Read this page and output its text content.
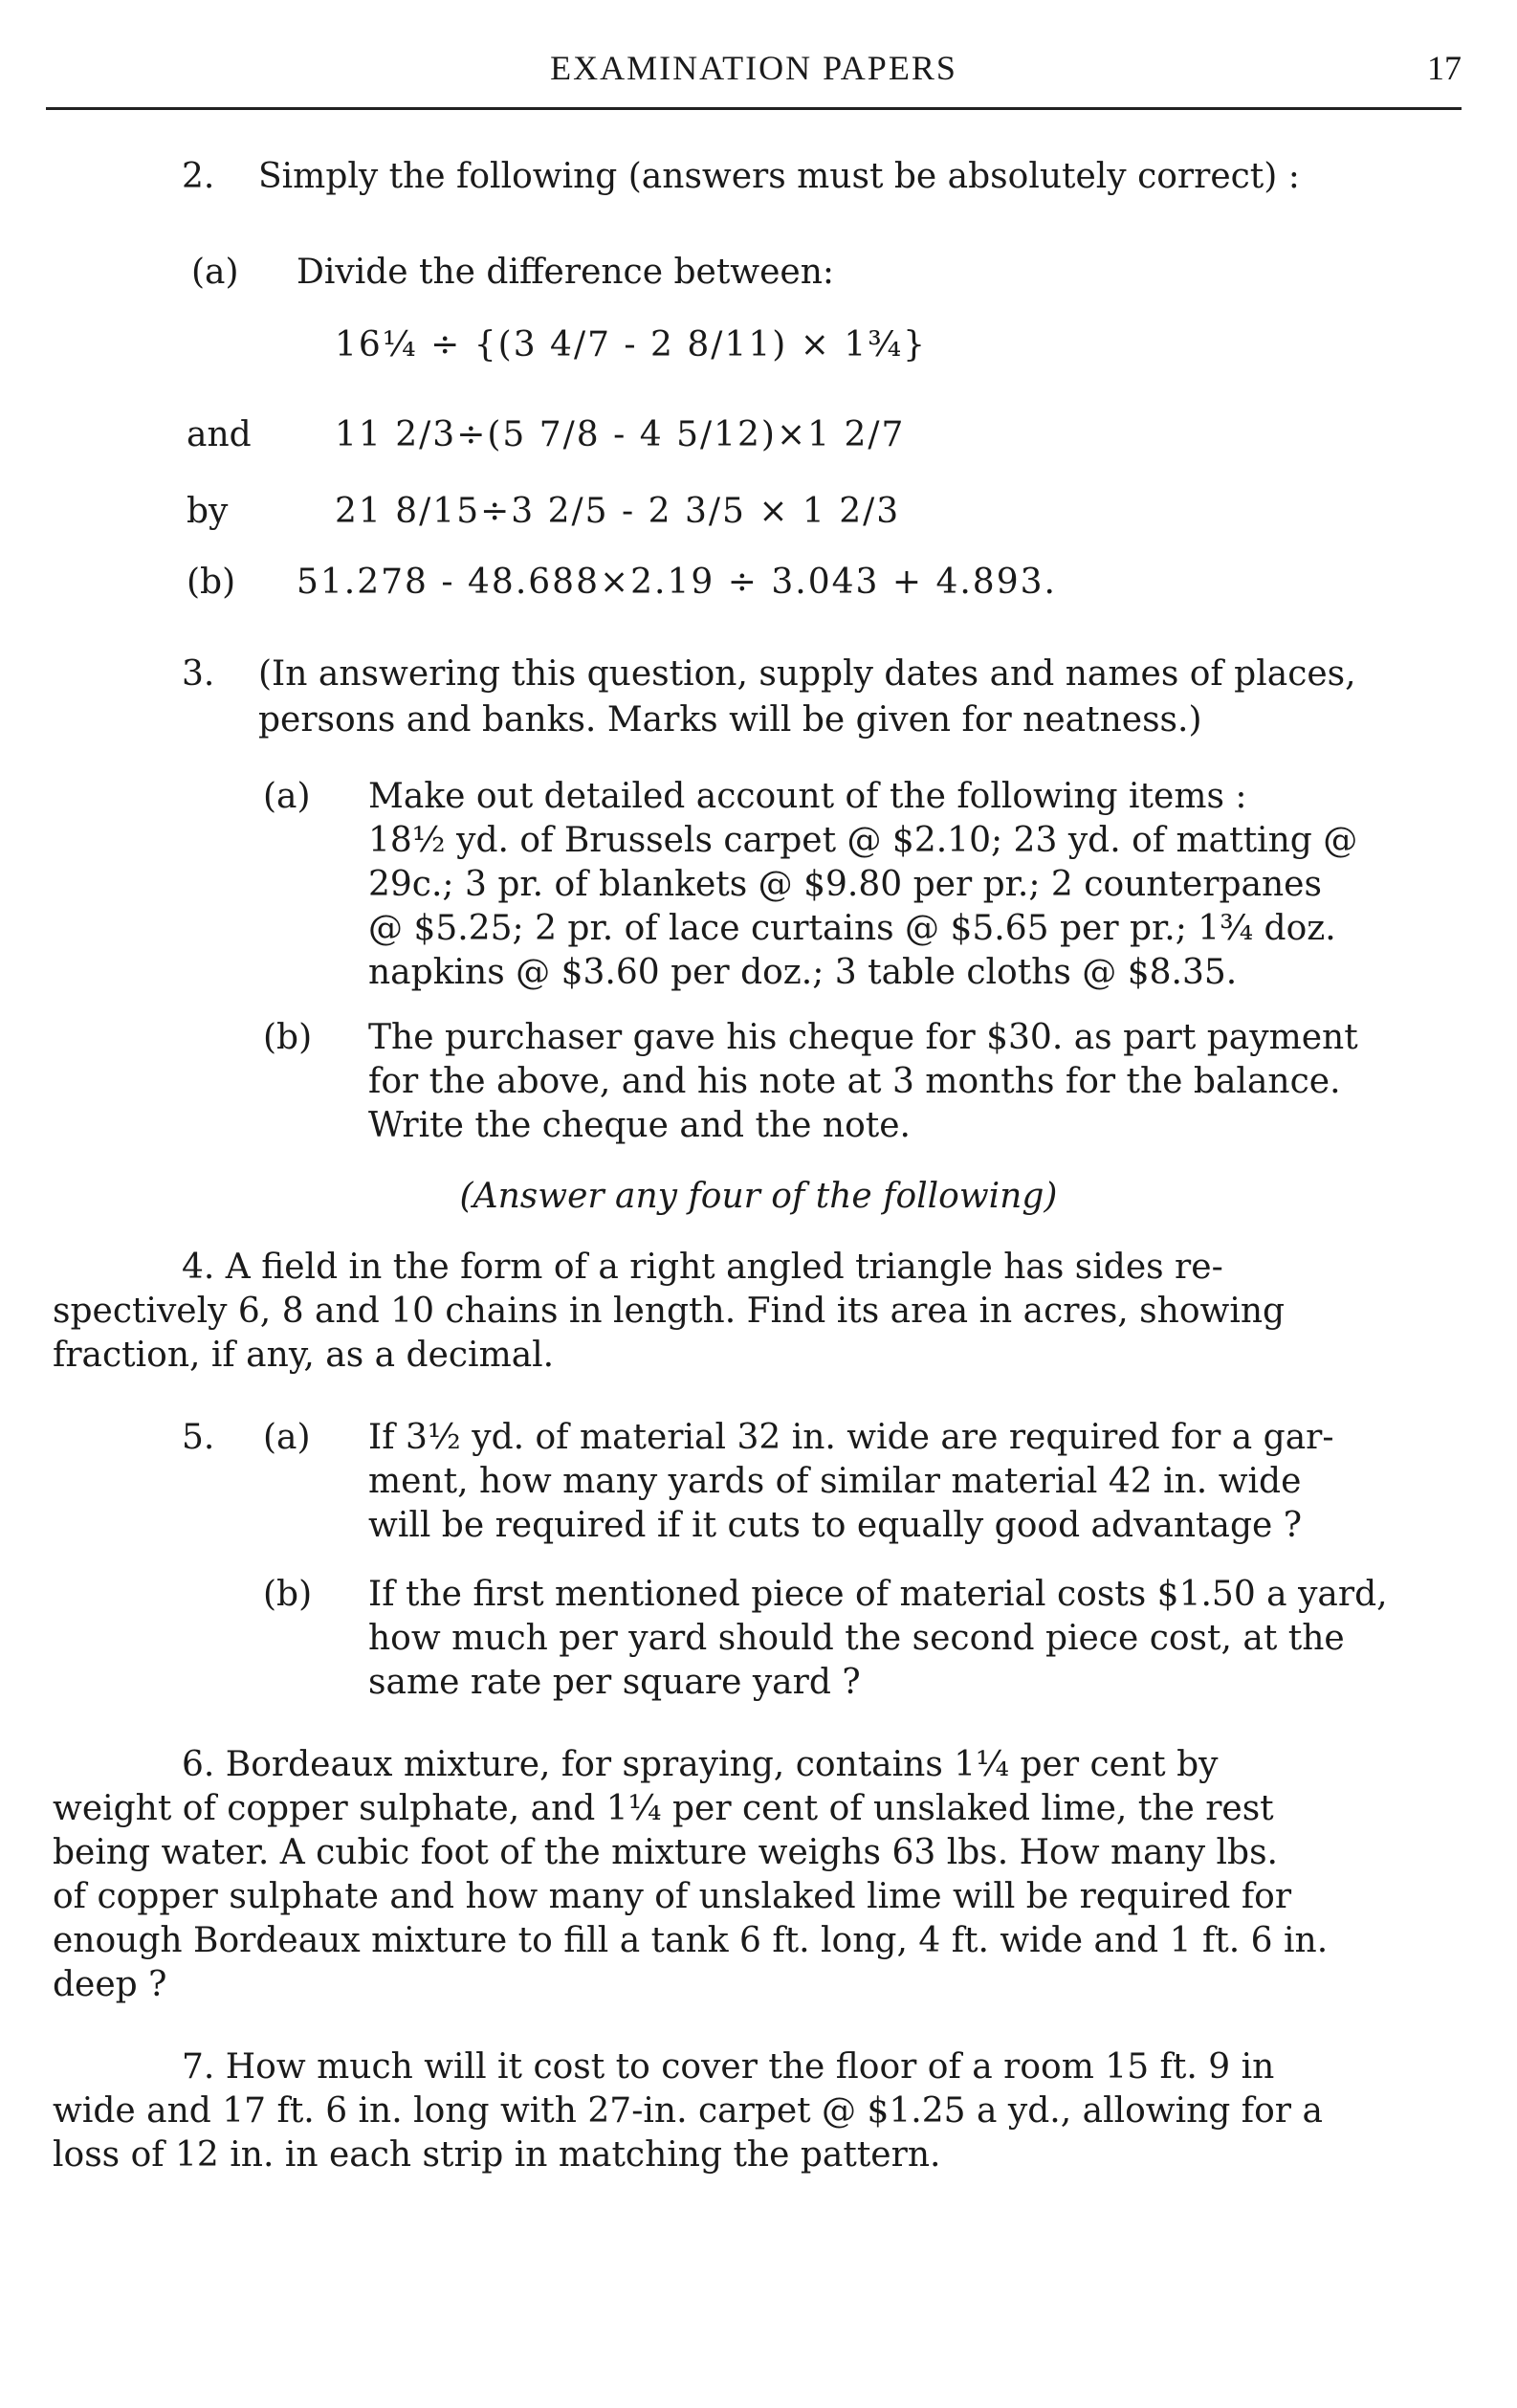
EXAMINATION PAPERS	17
2. Simply the following (answers must be absolutely correct) :
(a) Divide the difference between:
16¼ ÷ {(3 4/7 - 2 8/11) × 1¾}
and 11 2/3÷(5 7/8 - 4 5/12)×1 2/7
by	21 8/15÷3 2/5 - 2 3/5 × 1 2/3
(b) 51.278 - 48.688×2.19 ÷ 3.043 + 4.893.
3. (In answering this question, supply dates and names of places,
persons and banks. Marks will be given for neatness.)
(a) Make out detailed account of the following items :
18½ yd. of Brussels carpet @ $2.10; 23 yd. of matting @
29c.; 3 pr. of blankets @ $9.80 per pr.; 2 counterpanes
@ $5.25; 2 pr. of lace curtains @ $5.65 per pr.; 1¾ doz.
napkins @ $3.60 per doz.; 3 table cloths @ $8.35.
(b) The purchaser gave his cheque for $30. as part payment
for the above, and his note at 3 months for the balance.
Write the cheque and the note.
(Answer any four of the following)
4. A field in the form of a right angled triangle has sides re-
spectively 6, 8 and 10 chains in length. Find its area in acres, showing
fraction, if any, as a decimal.
5. (a) If 3½ yd. of material 32 in. wide are required for a gar-
ment, how many yards of similar material 42 in. wide
will be required if it cuts to equally good advantage ?
(b) If the first mentioned piece of material costs $1.50 a yard,
how much per yard should the second piece cost, at the
same rate per square yard ?
6. Bordeaux mixture, for spraying, contains 1¼ per cent by
weight of copper sulphate, and 1¼ per cent of unslaked lime, the rest
being water. A cubic foot of the mixture weighs 63 lbs. How many lbs.
of copper sulphate and how many of unslaked lime will be required for
enough Bordeaux mixture to fill a tank 6 ft. long, 4 ft. wide and 1 ft. 6 in.
deep ?
7. How much will it cost to cover the floor of a room 15 ft. 9 in
wide and 17 ft. 6 in. long with 27-in. carpet @ $1.25 a yd., allowing for a
loss of 12 in. in each strip in matching the pattern.
